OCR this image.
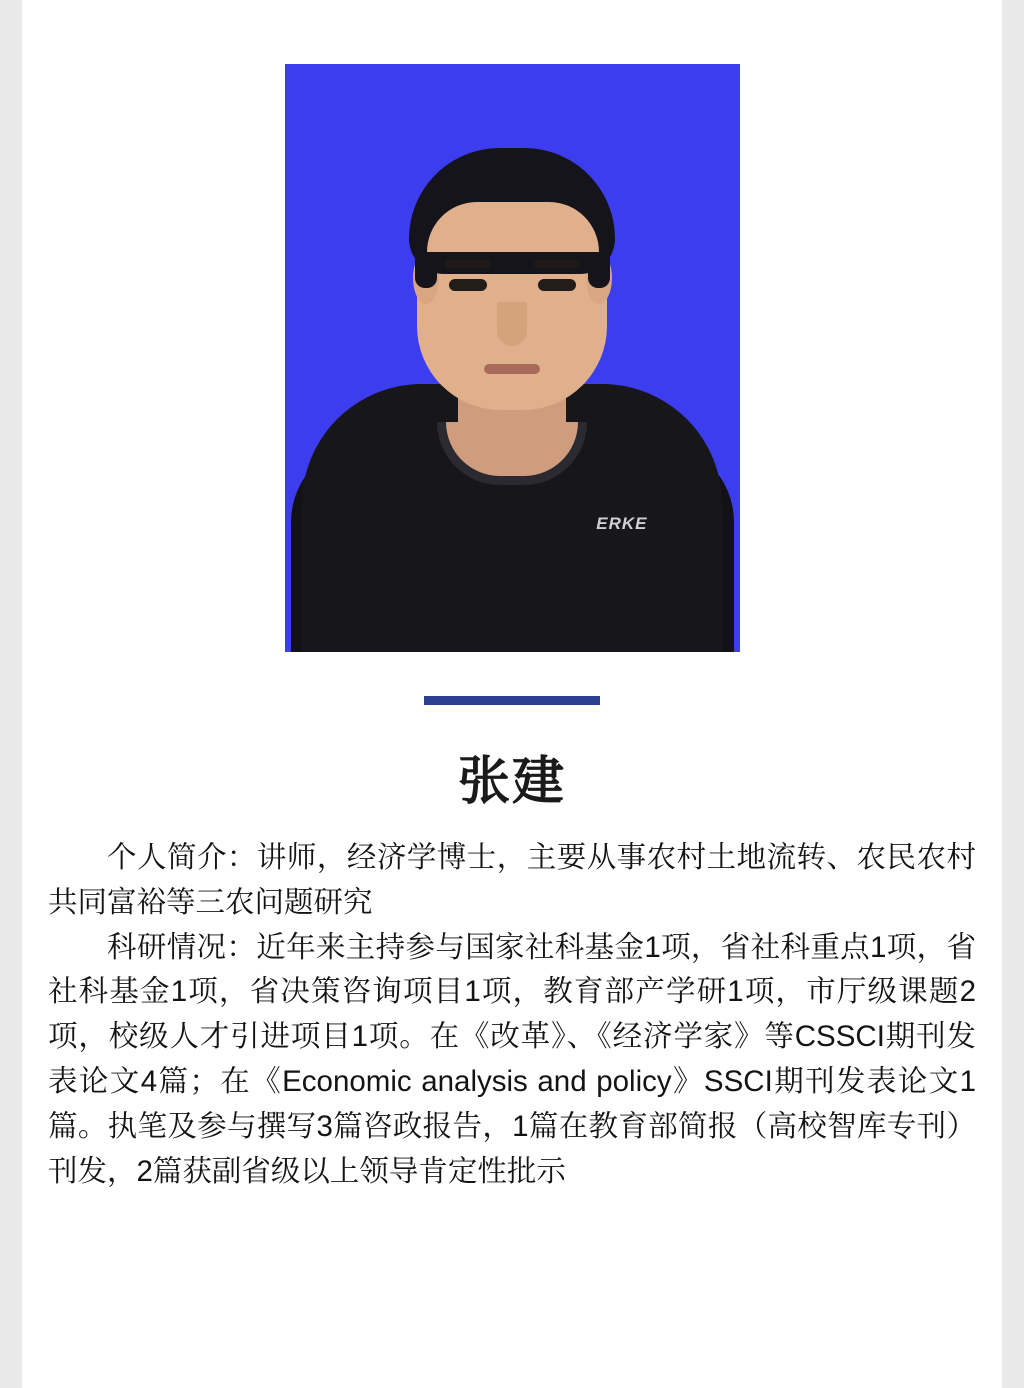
ERKE
张建

个人简介：讲师，经济学博士，主要从事农村土地流转、农民农村共同富裕等三农问题研究

科研情况：近年来主持参与国家社科基金1项，省社科重点1项，省社科基金1项，省决策咨询项目1项，教育部产学研1项，市厅级课题2项，校级人才引进项目1项。在《改革》、《经济学家》等CSSCI期刊发表论文4篇；在《Economic analysis and policy》SSCI期刊发表论文1篇。执笔及参与撰写3篇咨政报告，1篇在教育部简报（高校智库专刊）刊发，2篇获副省级以上领导肯定性批示
